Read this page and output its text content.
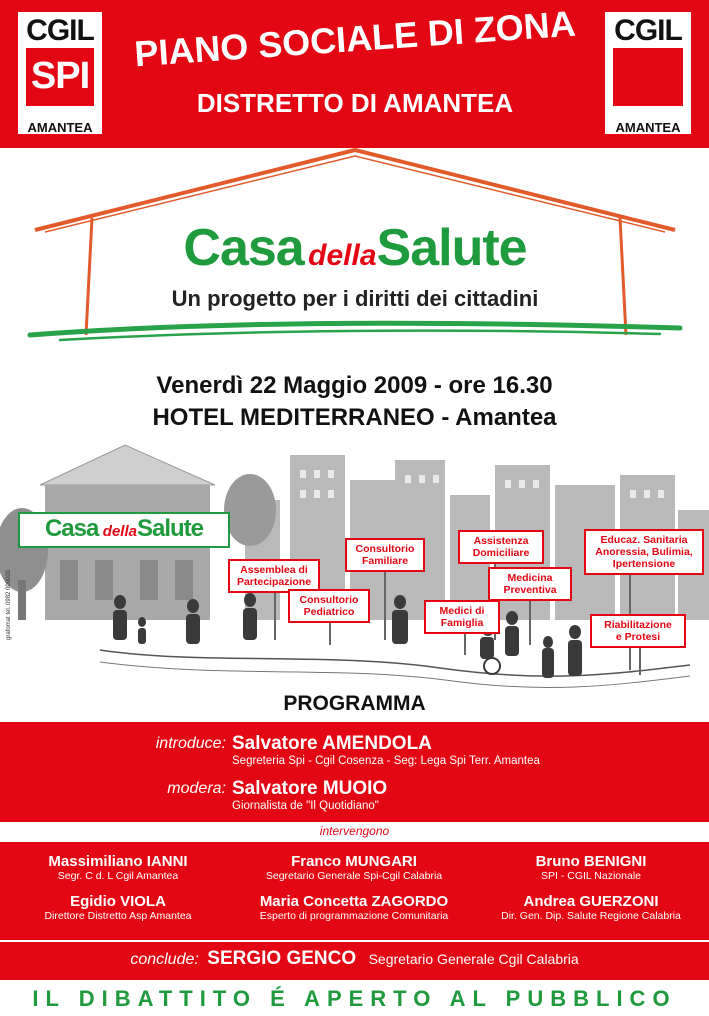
CGIL
SPI
AMANTEA
CGIL
AMANTEA
PIANO SOCIALE DI ZONA
DISTRETTO DI AMANTEA
Casa dellaSalute
Un progetto per i diritti dei cittadini
Venerdì 22 Maggio 2009 - ore 16.30
HOTEL MEDITERRANEO - Amantea
Casa dellaSalute
Assemblea di
Partecipazione
Consultorio
Familiare
Assistenza
Domiciliare
Educaz. Sanitaria
Anoressia, Bulimia,
Ipertensione
Consultorio
Pediatrico
Medicina
Preventiva
Medici di
Famiglia	Riabilitazione
e Protesi
grafomat tel. 0982 000000
PROGRAMMA
introduce: Salvatore AMENDOLA
Segreteria Spi - Cgil Cosenza - Seg: Lega Spi Terr. Amantea
modera: Salvatore MUOIO
Giornalista de "Il Quotidiano"
intervengono
Massimiliano IANNI
Segr. C d. L Cgil Amantea
Franco MUNGARI
Segretario Generale Spi-Cgil Calabria
Bruno BENIGNI
SPI - CGIL Nazionale
Egidio VIOLA
Direttore Distretto Asp Amantea
Maria Concetta ZAGORDO
Esperto di programmazione Comunitaria
Andrea GUERZONI
Dir. Gen. Dip. Salute Regione Calabria
conclude: SERGIO GENCO Segretario Generale Cgil Calabria
IL DIBATTITO É APERTO AL PUBBLICO
